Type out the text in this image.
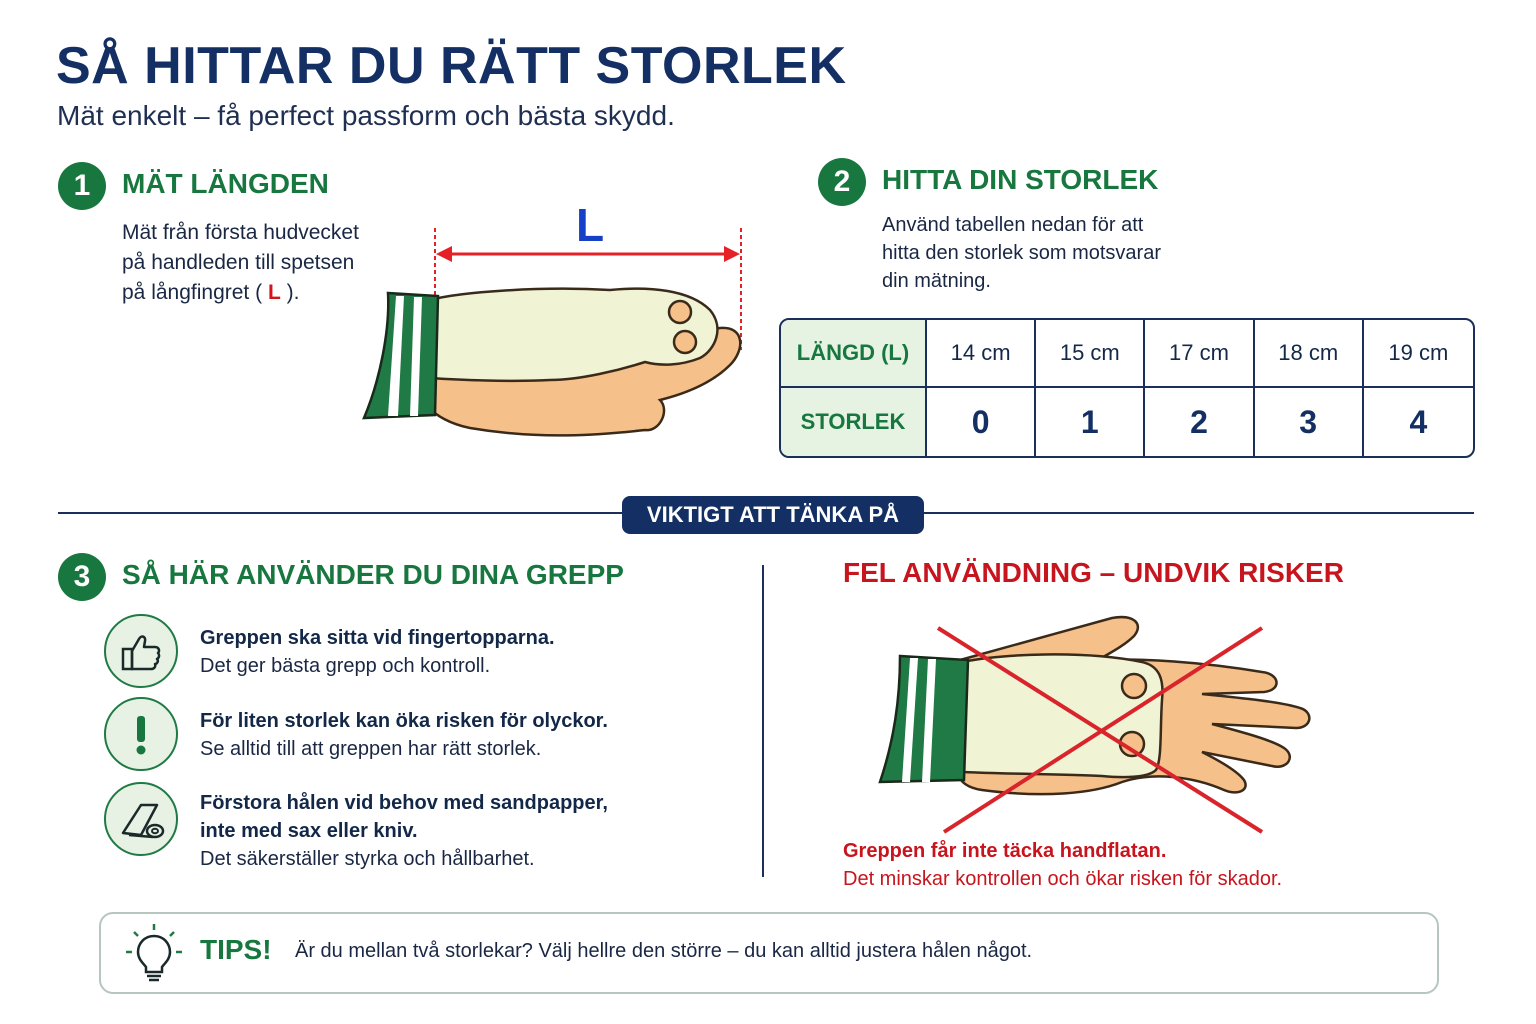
SÅ HITTAR DU RÄTT STORLEK
Mät enkelt – få perfect passform och bästa skydd.
1	MÄT LÄNGDEN
Mät från första hudvecket
på handleden till spetsen
på långfingret ( L ).
L
2	HITTA DIN STORLEK
Använd tabellen nedan för att
hitta den storlek som motsvarar
din mätning.
LÄNGD (L)	14 cm	15 cm	17 cm	18 cm	19 cm
STORLEK	0	1	2	3	4
VIKTIGT ATT TÄNKA PÅ
3	SÅ HÄR ANVÄNDER DU DINA GREPP
Greppen ska sitta vid fingertopparna.
Det ger bästa grepp och kontroll.
För liten storlek kan öka risken för olyckor.
Se alltid till att greppen har rätt storlek.
Förstora hålen vid behov med sandpapper,
inte med sax eller kniv.
Det säkerställer styrka och hållbarhet.
FEL ANVÄNDNING – UNDVIK RISKER
Greppen får inte täcka handflatan.
Det minskar kontrollen och ökar risken för skador.
TIPS! Är du mellan två storlekar? Välj hellre den större – du kan alltid justera hålen något.
